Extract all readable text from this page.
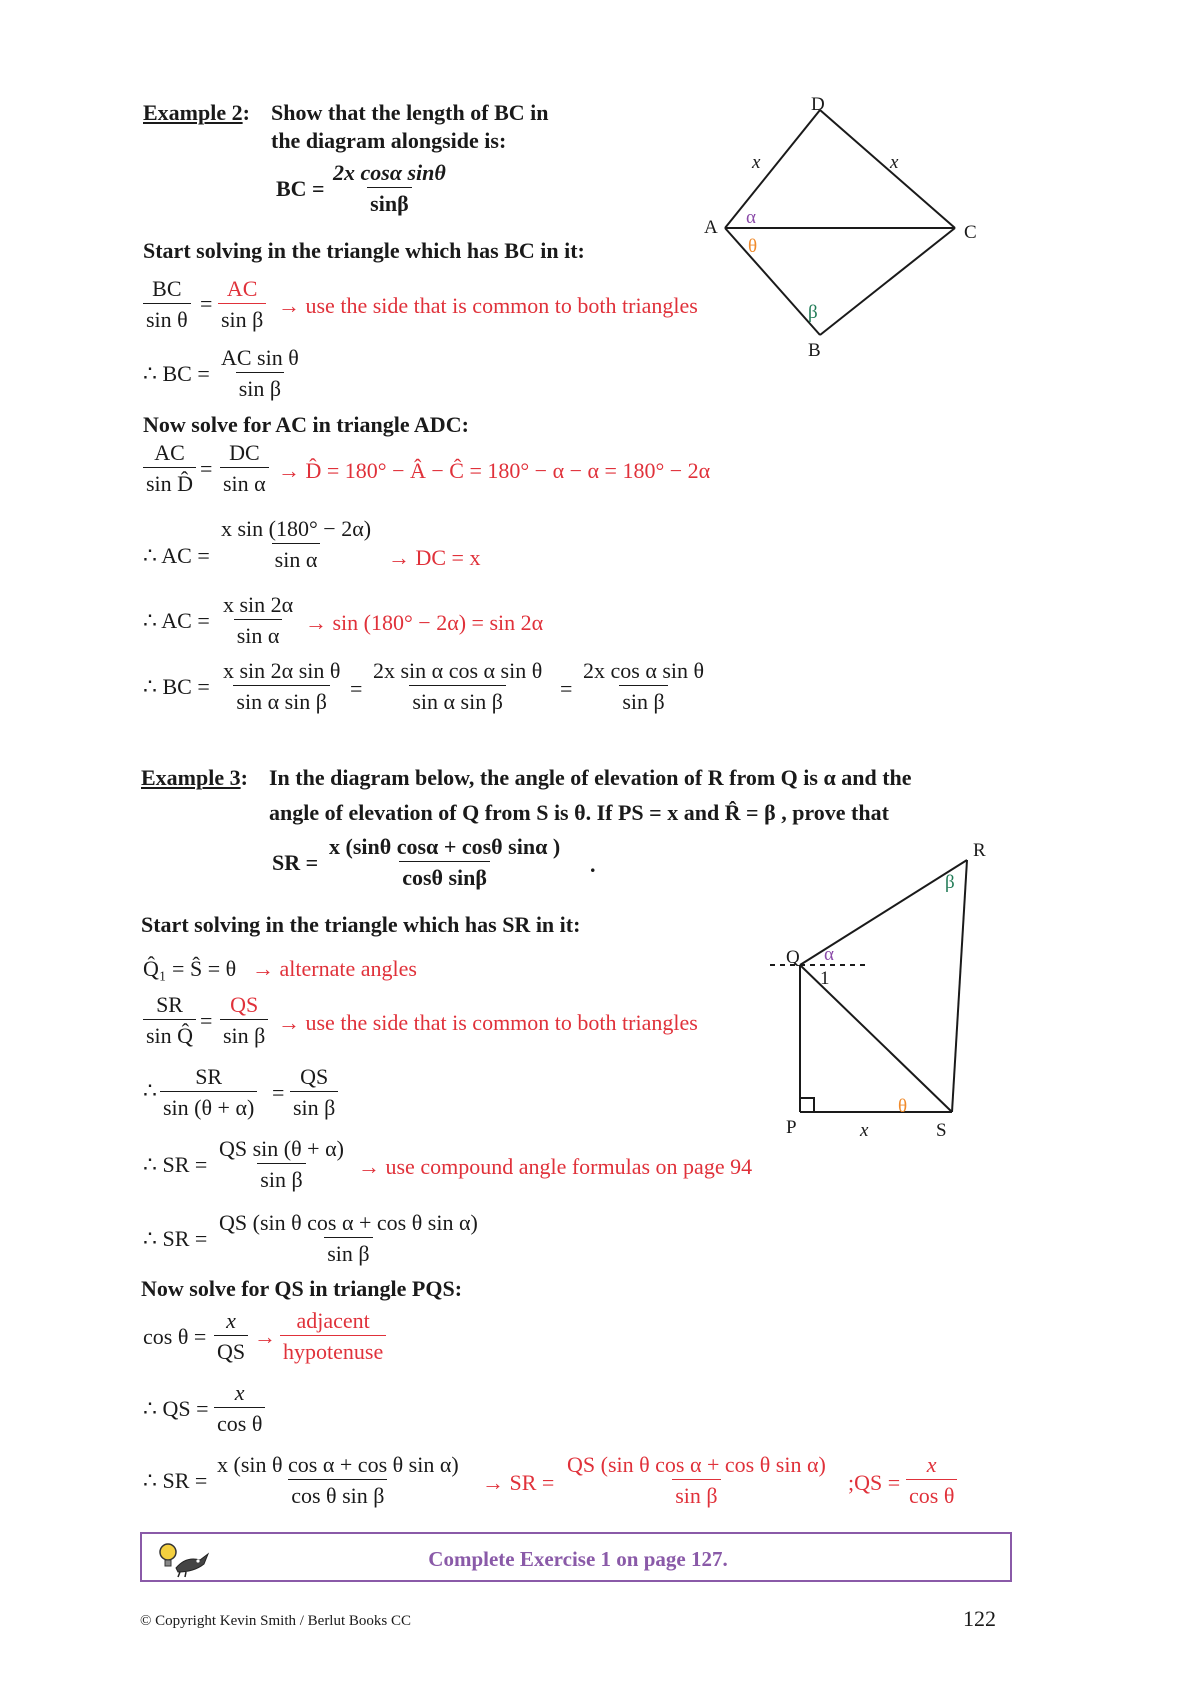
Example 2: Show that the length of BC in
the diagram alongside is:
BC = $\frac{\text{2x cosα sinθ}}{\sin\beta}$
Start solving in the triangle which has BC in it:
$\frac{BC}{\text{sin θ}} = \frac{AC}{\text{sin β}}$ → use the side that is common to both triangles
∴ BC = $\frac{\text{AC sin θ}}{\text{sin β}}$
Now solve for AC in triangle ADC:
$\frac{AC}{\text{sin D̂}} = \frac{DC}{\text{sin α}}$ → D̂ = 180° − Â − Ĉ = 180° − α − α = 180° − 2α
∴ AC = $\frac{\text{x sin (180° − 2α)}}{\text{sin α}}$ → DC = x
∴ AC = $\frac{\text{x sin 2α}}{\text{sin α}} \to \sin (180^\circ - 2\alpha) = \sin 2\alpha$
∴ BC = $\frac{\text{x sin 2α sin θ}}{\text{sin α sin β}} = \frac{\text{2x sin α cos α sin θ}}{\text{sin α sin β}} = \frac{\text{2x cos α sin θ}}{\text{sin β}}$
D
A	C
B
x	x
α
θ
β
Example 3: In the diagram below, the angle of elevation of R from Q is α and the
angle of elevation of Q from S is θ. If PS = x and R̂ = β , prove that
SR = $\frac{\text{x (sinθ cosα + cosθ sinα )}}{\text{cosθ sinβ}}$ .
Start solving in the triangle which has SR in it:
Q̂₁ = Ŝ = θ → alternate angles
$\frac{SR}{\text{sin Q̂}} = \frac{QS}{\text{sin β}}$ → use the side that is common to both triangles
∴ $\frac{SR}{\sin (\theta + \alpha)} = \frac{QS}{\text{sin β}}$
∴ SR = $\frac{\text{QS sin (θ + α)}}{\text{sin β}}$ → use compound angle formulas on page 94
∴ SR = $\frac{\text{QS (sin θ cos α + cos θ sin α)}}{\text{sin β}}$
Now solve for QS in triangle PQS:
$\cos \theta = \frac{x}{QS}$ →
adjacent
hypotenuse
∴ QS = $\frac{x}{\text{cos θ}}$
∴ SR = $\frac{\text{x (sin θ cos α + cos θ sin α)}}{\text{cos θ sin β}}$ → SR = $\frac{\text{QS (sin θ cos α + cos θ sin α)}}{\text{sin β}}$ ;QS = $\frac{x}{\text{cos θ}}$
R
Q
P	S
x
α
1
θ
β
Complete Exercise 1 on page 127.
© Copyright Kevin Smith / Berlut Books CC	122
